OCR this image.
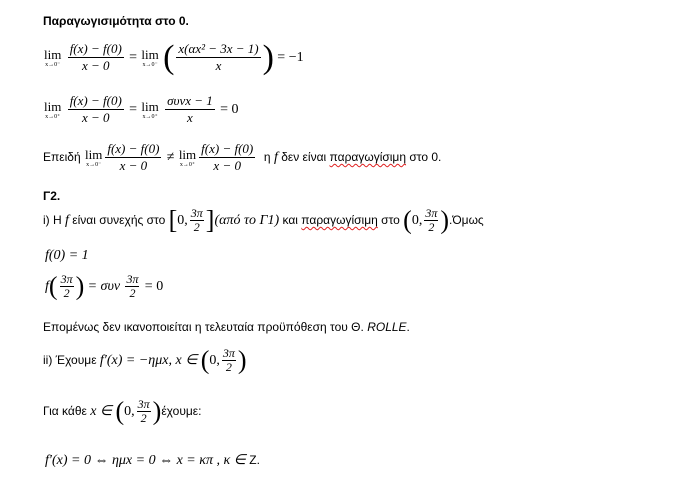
Παραγωγισιμότητα στο 0.
lim
x→0⁻
$\frac{f(x) - f(0)}{x - 0} = \lim$
x→0⁻ ( $\frac{\text{x(αx² − 3x − 1)}}{x}$ ) = −1
lim
x→0⁺
$\frac{f(x) - f(0)}{x - 0} = \lim$
x→0⁺
$\frac{\text{συνx − 1}}{x} = 0$
Επειδή lim
$x\to 0^- \frac{f(x) - f(0)}{x - 0} \ne \lim$
$x\to 0^+ \frac{f(x) - f(0)}{x - 0}$ η f δεν είναι παραγωγίσιμη στο 0.
Γ2.
i) Η f είναι συνεχής στο [0, $\frac{3\pi}{2} ](\alpha\pi ό$ το Γ1) και παραγωγίσιμη στο (0, $\frac{3\pi}{2} ).Ό\mu\omega\varsigma$
f(0) = 1
$f( \frac{3\pi}{2}$ ) = συν $\frac{3\pi}{2} = 0$
Επομένως δεν ικανοποιείται η τελευταία προϋπόθεση του Θ. ROLLE.
ii) Έχουμε f′(x) = −ημx, x ∈ (0, $\frac{3\pi}{2}$ )
Για κάθε x ∈ (0, $\frac{3\pi}{2} )έ\chi o\upsilon\mu\varepsilon$:
f′(x) = 0 ⇔ ημx = 0 ⇔ x = κπ , κ ∈ Z.
